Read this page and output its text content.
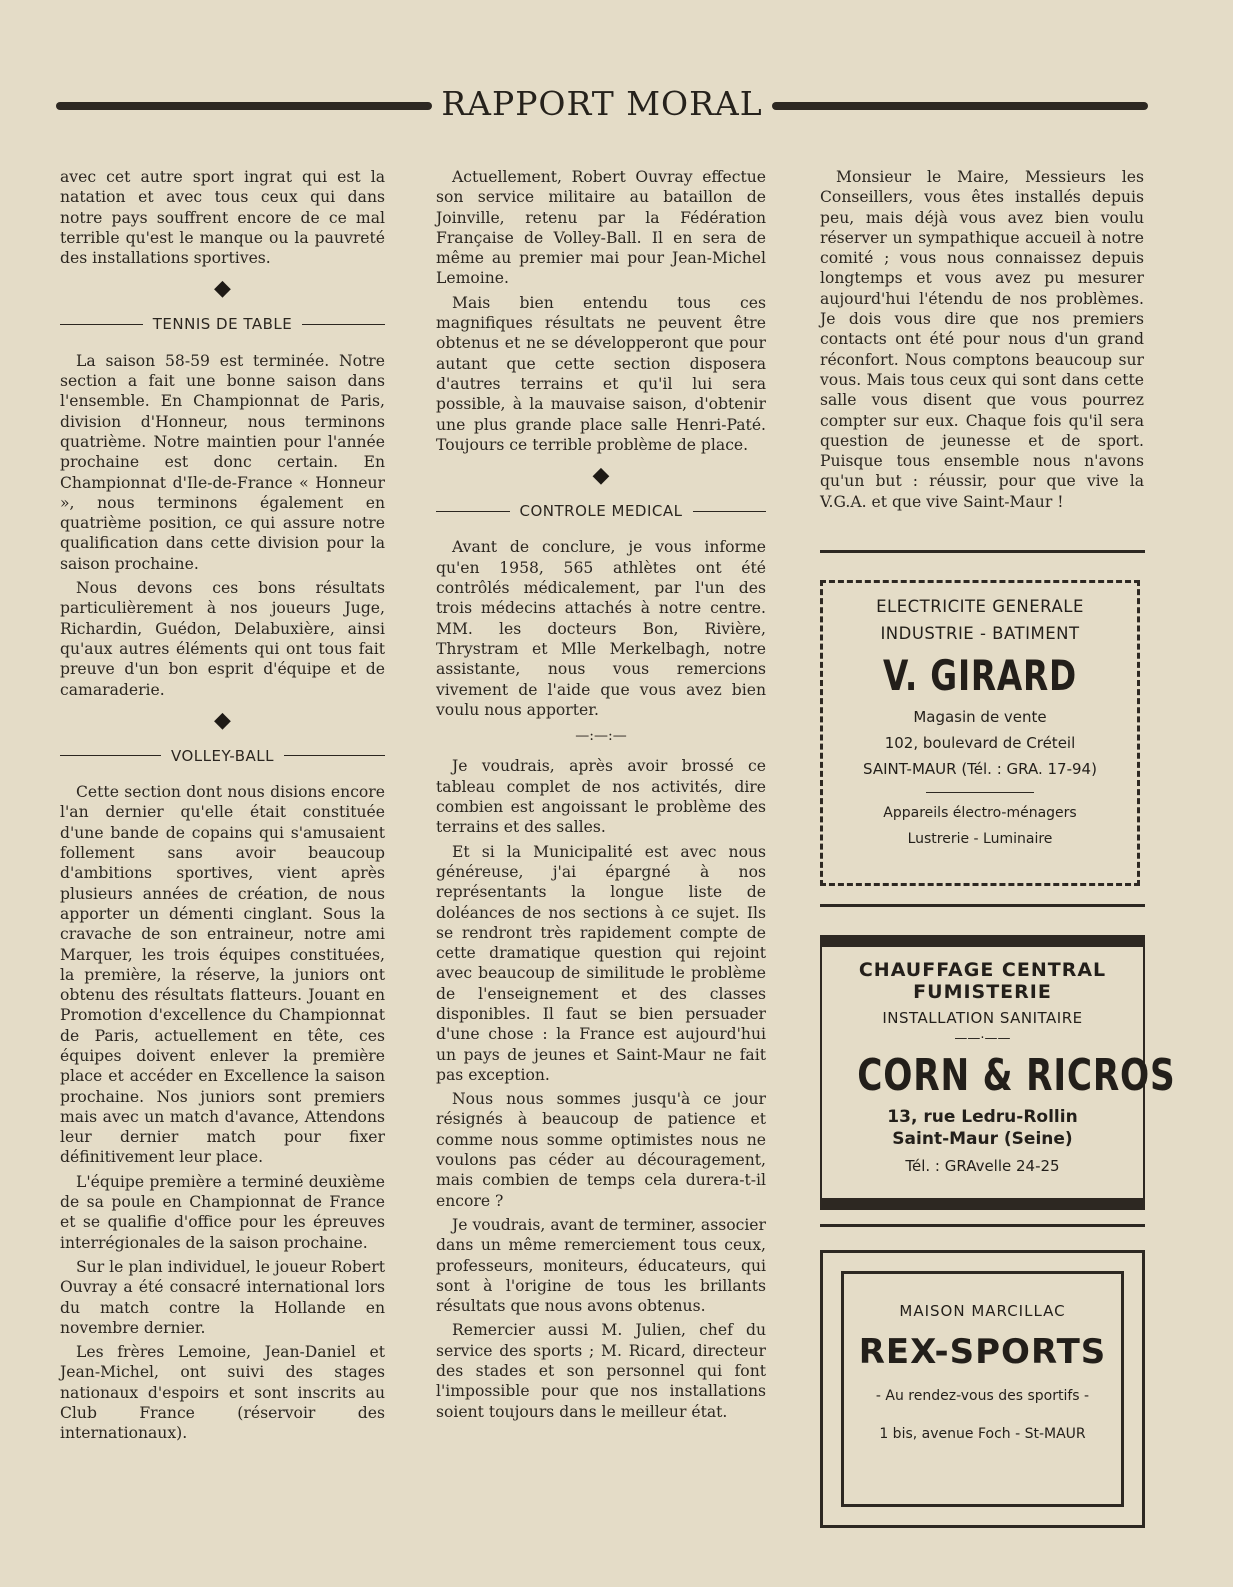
RAPPORT MORAL

avec cet autre sport ingrat qui est la natation et avec tous ceux qui dans notre pays souffrent encore de ce mal terrible qu'est le manque ou la pauvreté des installations sportives.

◆
TENNIS DE TABLE

La saison 58-59 est terminée. Notre section a fait une bonne saison dans l'ensemble. En Championnat de Paris, division d'Honneur, nous terminons quatrième. Notre maintien pour l'année prochaine est donc certain. En Championnat d'Ile-de-France « Honneur », nous terminons également en quatrième position, ce qui assure notre qualification dans cette division pour la saison prochaine.

Nous devons ces bons résultats particulièrement à nos joueurs Juge, Richardin, Guédon, Delabuxière, ainsi qu'aux autres éléments qui ont tous fait preuve d'un bon esprit d'équipe et de camaraderie.

◆
VOLLEY-BALL

Cette section dont nous disions encore l'an dernier qu'elle était constituée d'une bande de copains qui s'amusaient follement sans avoir beaucoup d'ambitions sportives, vient après plusieurs années de création, de nous apporter un démenti cinglant. Sous la cravache de son entraineur, notre ami Marquer, les trois équipes constituées, la première, la réserve, la juniors ont obtenu des résultats flatteurs. Jouant en Promotion d'excellence du Championnat de Paris, actuellement en tête, ces équipes doivent enlever la première place et accéder en Excellence la saison prochaine. Nos juniors sont premiers mais avec un match d'avance, Attendons leur dernier match pour fixer définitivement leur place.

L'équipe première a terminé deuxième de sa poule en Championnat de France et se qualifie d'office pour les épreuves interrégionales de la saison prochaine.

Sur le plan individuel, le joueur Robert Ouvray a été consacré international lors du match contre la Hollande en novembre dernier.

Les frères Lemoine, Jean-Daniel et Jean-Michel, ont suivi des stages nationaux d'espoirs et sont inscrits au Club France (réservoir des internationaux).

Actuellement, Robert Ouvray effectue son service militaire au bataillon de Joinville, retenu par la Fédération Française de Volley-Ball. Il en sera de même au premier mai pour Jean-Michel Lemoine.

Mais bien entendu tous ces magnifiques résultats ne peuvent être obtenus et ne se développeront que pour autant que cette section disposera d'autres terrains et qu'il lui sera possible, à la mauvaise saison, d'obtenir une plus grande place salle Henri-Paté. Toujours ce terrible problème de place.

◆
CONTROLE MEDICAL

Avant de conclure, je vous informe qu'en 1958, 565 athlètes ont été contrôlés médicalement, par l'un des trois médecins attachés à notre centre. MM. les docteurs Bon, Rivière, Thrystram et Mlle Merkelbagh, notre assistante, nous vous remercions vivement de l'aide que vous avez bien voulu nous apporter.

—:—:—

Je voudrais, après avoir brossé ce tableau complet de nos activités, dire combien est angoissant le problème des terrains et des salles.

Et si la Municipalité est avec nous généreuse, j'ai épargné à nos représentants la longue liste de doléances de nos sections à ce sujet. Ils se rendront très rapidement compte de cette dramatique question qui rejoint avec beaucoup de similitude le problème de l'enseignement et des classes disponibles. Il faut se bien persuader d'une chose : la France est aujourd'hui un pays de jeunes et Saint-Maur ne fait pas exception.

Nous nous sommes jusqu'à ce jour résignés à beaucoup de patience et comme nous somme optimistes nous ne voulons pas céder au découragement, mais combien de temps cela durera-t-il encore ?

Je voudrais, avant de terminer, associer dans un même remerciement tous ceux, professeurs, moniteurs, éducateurs, qui sont à l'origine de tous les brillants résultats que nous avons obtenus.

Remercier aussi M. Julien, chef du service des sports ; M. Ricard, directeur des stades et son personnel qui font l'impossible pour que nos installations soient toujours dans le meilleur état.

Monsieur le Maire, Messieurs les Conseillers, vous êtes installés depuis peu, mais déjà vous avez bien voulu réserver un sympathique accueil à notre comité ; vous nous connaissez depuis longtemps et vous avez pu mesurer aujourd'hui l'étendu de nos problèmes. Je dois vous dire que nos premiers contacts ont été pour nous d'un grand réconfort. Nous comptons beaucoup sur vous. Mais tous ceux qui sont dans cette salle vous disent que vous pourrez compter sur eux. Chaque fois qu'il sera question de jeunesse et de sport. Puisque tous ensemble nous n'avons qu'un but : réussir, pour que vive la V.G.A. et que vive Saint-Maur !

ELECTRICITE GENERALE
INDUSTRIE - BATIMENT
V. GIRARD
Magasin de vente
102, boulevard de Créteil
SAINT-MAUR (Tél. : GRA. 17-94)
Appareils électro-ménagers
Lustrerie - Luminaire
CHAUFFAGE CENTRAL
FUMISTERIE
INSTALLATION SANITAIRE
——·——
CORN & RICROS
13, rue Ledru-Rollin
Saint-Maur (Seine)
Tél. : GRAvelle 24-25
MAISON MARCILLAC
REX-SPORTS
- Au rendez-vous des sportifs -
1 bis, avenue Foch - St-MAUR
